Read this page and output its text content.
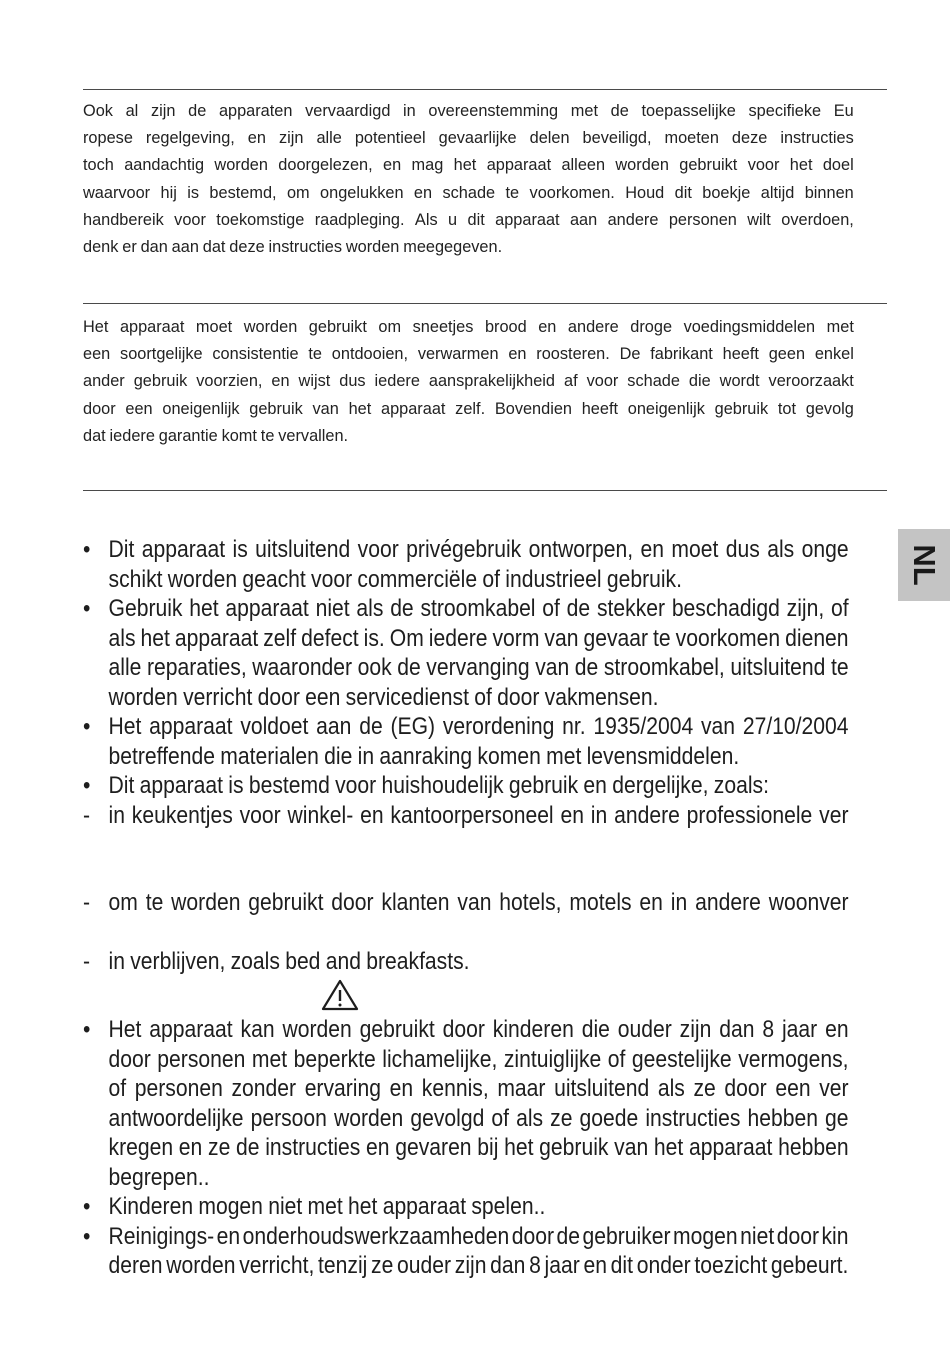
Ook al zijn de apparaten vervaardigd in overeenstemming met de toepasselijke specifieke Eu
ropese regelgeving, en zijn alle potentieel gevaarlijke delen beveiligd, moeten deze instructies
toch aandachtig worden doorgelezen, en mag het apparaat alleen worden gebruikt voor het doel
waarvoor hij is bestemd, om ongelukken en schade te voorkomen. Houd dit boekje altijd binnen
handbereik voor toekomstige raadpleging. Als u dit apparaat aan andere personen wilt overdoen,
denk er dan aan dat deze instructies worden meegegeven.
Het apparaat moet worden gebruikt om sneetjes brood en andere droge voedingsmiddelen met
een soortgelijke consistentie te ontdooien, verwarmen en roosteren. De fabrikant heeft geen enkel
ander gebruik voorzien, en wijst dus iedere aansprakelijkheid af voor schade die wordt veroorzaakt
door een oneigenlijk gebruik van het apparaat zelf. Bovendien heeft oneigenlijk gebruik tot gevolg
dat iedere garantie komt te vervallen.
NL
• Dit apparaat is uitsluitend voor privégebruik ontworpen, en moet dus als onge
schikt worden geacht voor commerciële of industrieel gebruik.
• Gebruik het apparaat niet als de stroomkabel of de stekker beschadigd zijn, of
als het apparaat zelf defect is. Om iedere vorm van gevaar te voorkomen dienen
alle reparaties, waaronder ook de vervanging van de stroomkabel, uitsluitend te
worden verricht door een servicedienst of door vakmensen.
• Het apparaat voldoet aan de (EG) verordening nr. 1935/2004 van 27/10/2004
betreffende materialen die in aanraking komen met levensmiddelen.
• Dit apparaat is bestemd voor huishoudelijk gebruik en dergelijke, zoals:
- in keukentjes voor winkel- en kantoorpersoneel en in andere professionele ver
- om te worden gebruikt door klanten van hotels, motels en in andere woonver
- in verblijven, zoals bed and breakfasts.
• Het apparaat kan worden gebruikt door kinderen die ouder zijn dan 8 jaar en
door personen met beperkte lichamelijke, zintuiglijke of geestelijke vermogens,
of personen zonder ervaring en kennis, maar uitsluitend als ze door een ver
antwoordelijke persoon worden gevolgd of als ze goede instructies hebben ge
kregen en ze de instructies en gevaren bij het gebruik van het apparaat hebben
begrepen..
• Kinderen mogen niet met het apparaat spelen..
• Reinigings- en onderhoudswerkzaamheden door de gebruiker mogen niet door kin
deren worden verricht, tenzij ze ouder zijn dan 8 jaar en dit onder toezicht gebeurt.
